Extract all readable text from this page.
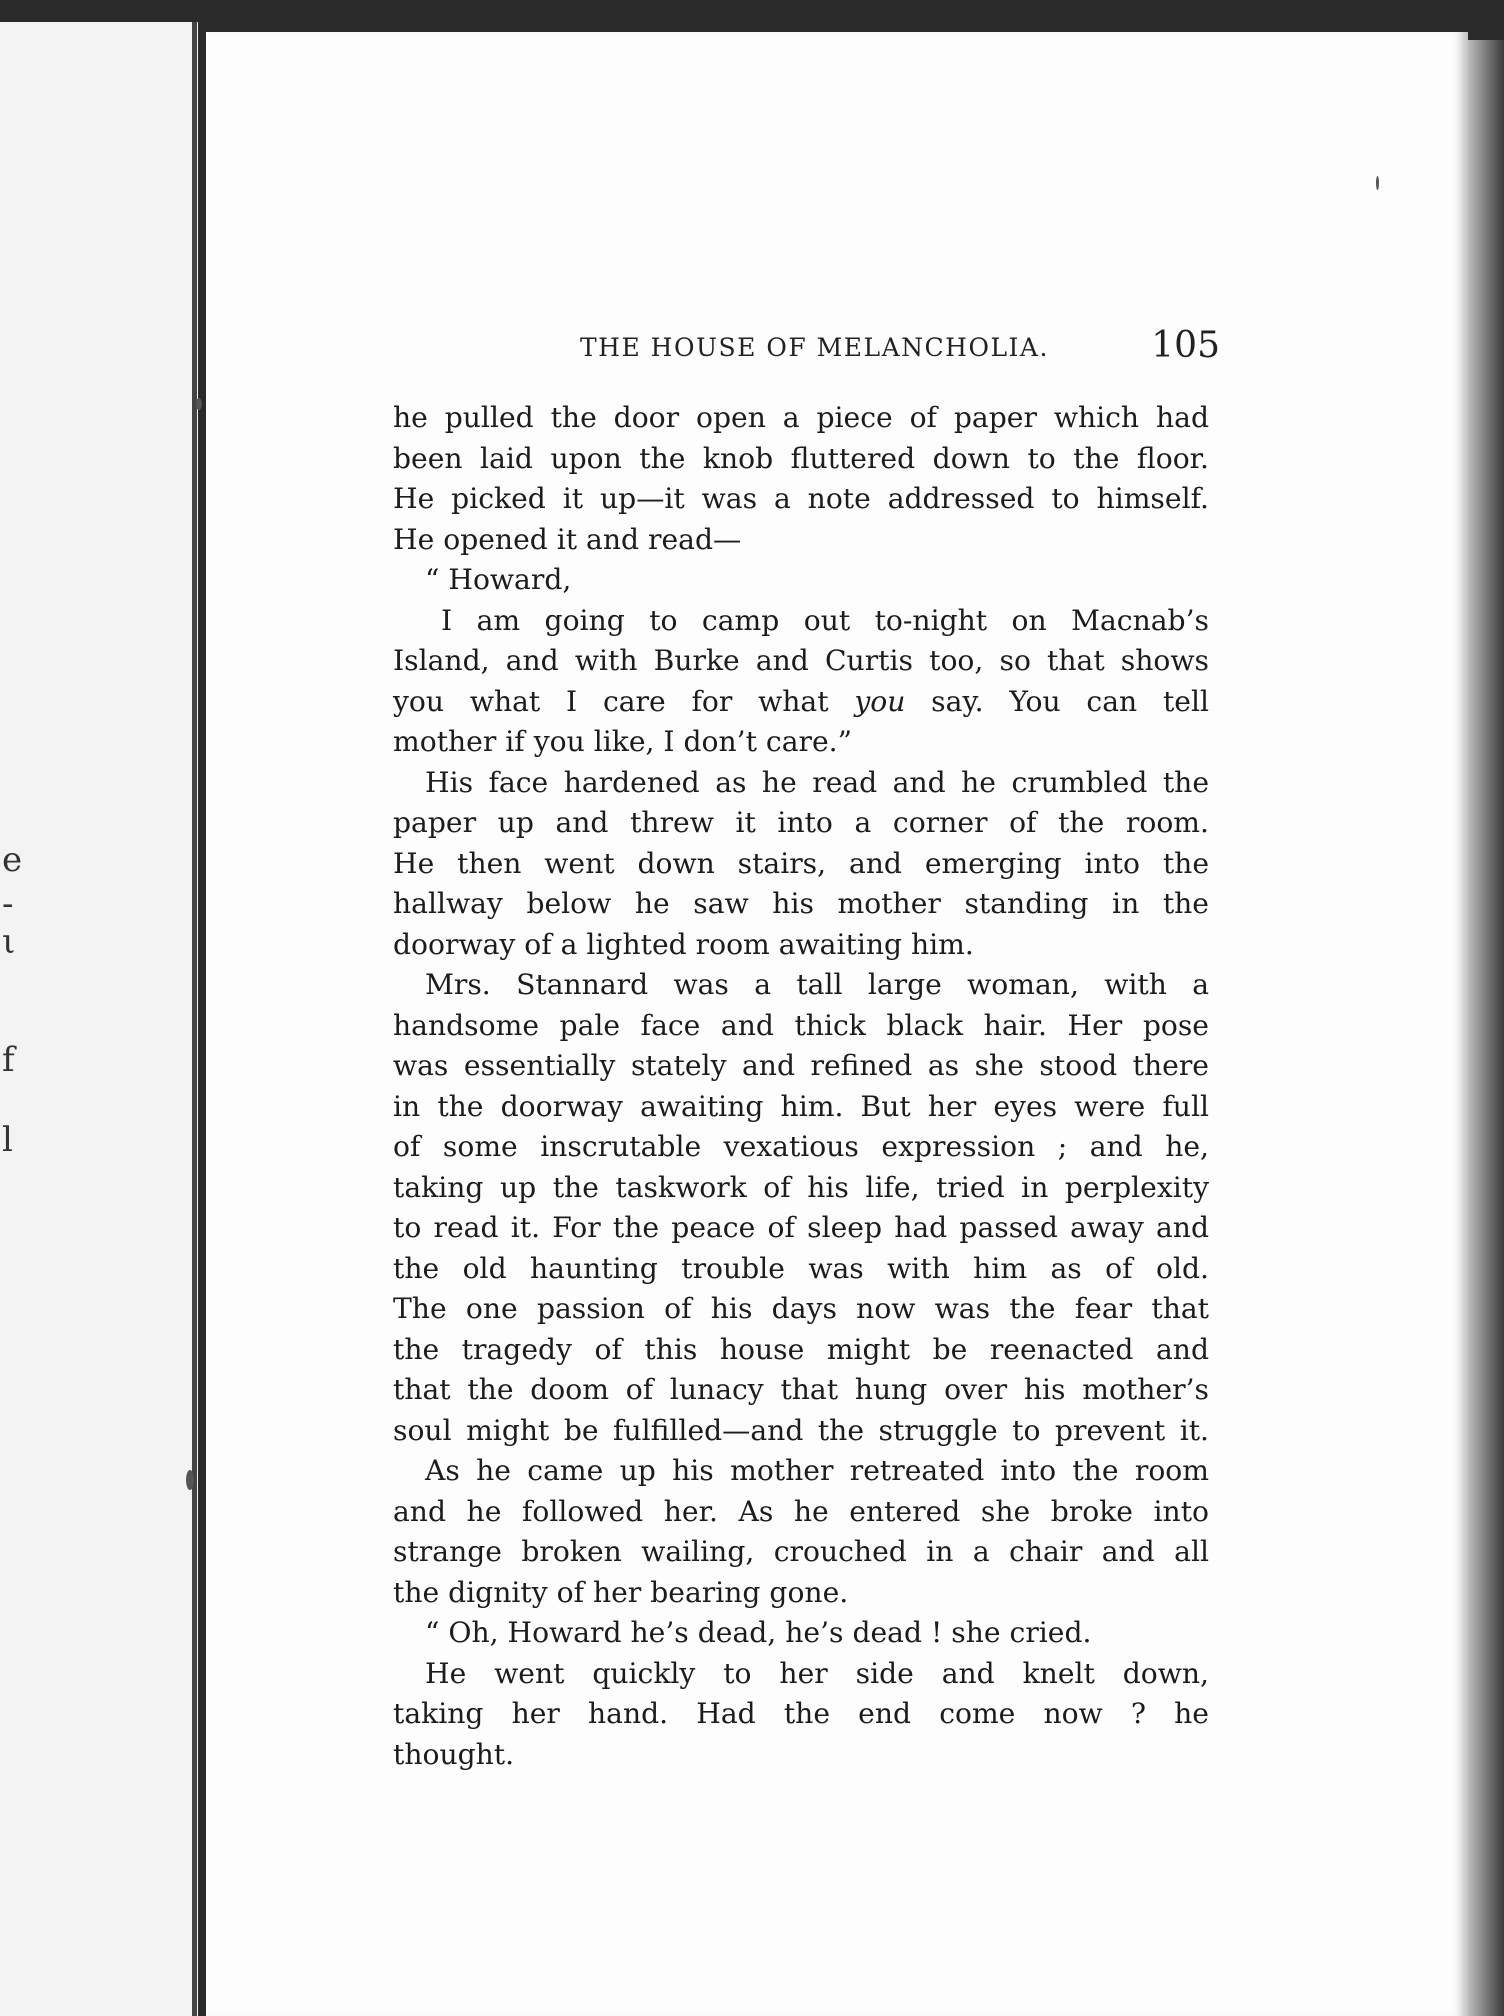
e
-
ι
f
l
THE HOUSE OF MELANCHOLIA.	105
he pulled the door open a piece of paper which had
been laid upon the knob fluttered down to the floor.
He picked it up—it was a note addressed to himself.
He opened it and read—
“ Howard,
I am going to camp out to-night on Macnab’s
Island, and with Burke and Curtis too, so that shows
you what I care for what you say. You can tell
mother if you like, I don’t care.”
His face hardened as he read and he crumbled the
paper up and threw it into a corner of the room.
He then went down stairs, and emerging into the
hallway below he saw his mother standing in the
doorway of a lighted room awaiting him.
Mrs. Stannard was a tall large woman, with a
handsome pale face and thick black hair. Her pose
was essentially stately and refined as she stood there
in the doorway awaiting him. But her eyes were full
of some inscrutable vexatious expression ; and he,
taking up the taskwork of his life, tried in perplexity
to read it. For the peace of sleep had passed away and
the old haunting trouble was with him as of old.
The one passion of his days now was the fear that
the tragedy of this house might be reenacted and
that the doom of lunacy that hung over his mother’s
soul might be fulfilled—and the struggle to prevent it.
As he came up his mother retreated into the room
and he followed her. As he entered she broke into
strange broken wailing, crouched in a chair and all
the dignity of her bearing gone.
“ Oh, Howard he’s dead, he’s dead ! she cried.
He went quickly to her side and knelt down,
taking her hand. Had the end come now ? he
thought.
